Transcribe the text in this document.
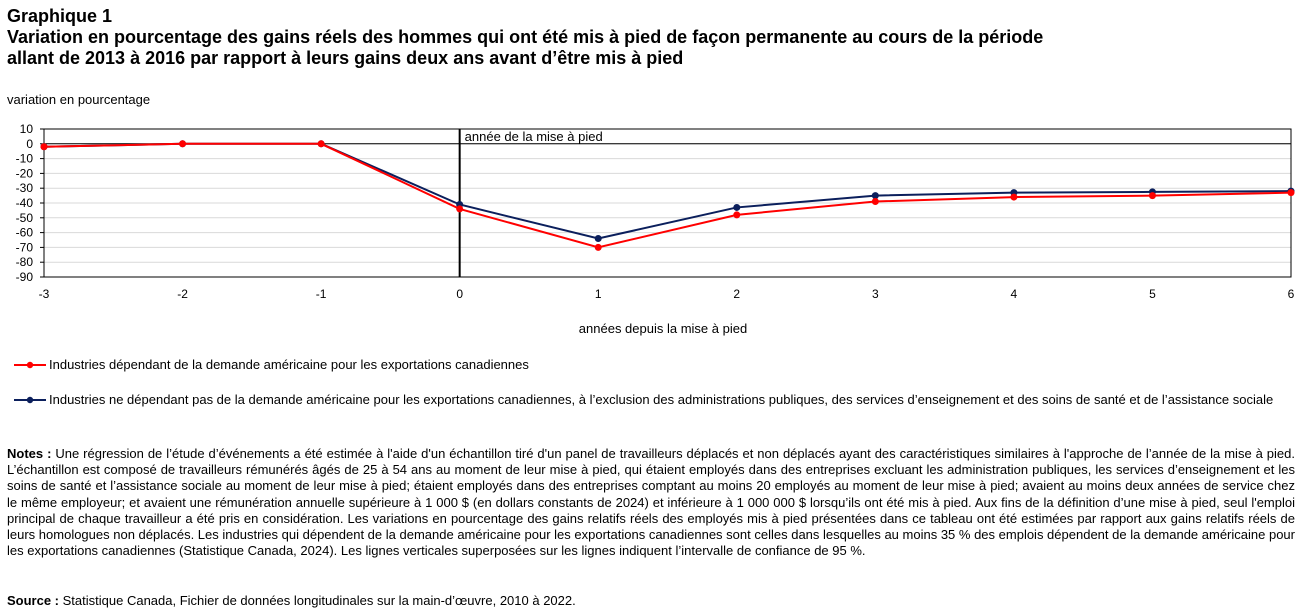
Graphique 1
Variation en pourcentage des gains réels des hommes qui ont été mis à pied de façon permanente au cours de la période
allant de 2013 à 2016 par rapport à leurs gains deux ans avant d’être mis à pied
variation en pourcentage
10
0
-10
-20
-30
-40
-50
-60
-70
-80
-90
-3	-2	-1	0	1	2	3	4	5	6
année de la mise à pied
années depuis la mise à pied
Industries dépendant de la demande américaine pour les exportations canadiennes
Industries ne dépendant pas de la demande américaine pour les exportations canadiennes, à l’exclusion des administrations publiques, des services d’enseignement et des soins de santé et de l’assistance sociale
Notes : Une régression de l’étude d’événements a été estimée à l'aide d'un échantillon tiré d'un panel de travailleurs déplacés et non déplacés ayant des caractéristiques similaires à l'approche de l’année de la mise à pied. L’échantillon est composé de travailleurs rémunérés âgés de 25 à 54 ans au moment de leur mise à pied, qui étaient employés dans des entreprises excluant les administration publiques, les services d’enseignement et les soins de santé et l’assistance sociale au moment de leur mise à pied; étaient employés dans des entreprises comptant au moins 20 employés au moment de leur mise à pied; avaient au moins deux années de service chez le même employeur; et avaient une rémunération annuelle supérieure à 1 000 $ (en dollars constants de 2024) et inférieure à 1 000 000 $ lorsqu’ils ont été mis à pied. Aux fins de la définition d’une mise à pied, seul l'emploi principal de chaque travailleur a été pris en considération. Les variations en pourcentage des gains relatifs réels des employés mis à pied présentées dans ce tableau ont été estimées par rapport aux gains relatifs réels de leurs homologues non déplacés. Les industries qui dépendent de la demande américaine pour les exportations canadiennes sont celles dans lesquelles au moins 35 % des emplois dépendent de la demande américaine pour les exportations canadiennes (Statistique Canada, 2024). Les lignes verticales superposées sur les lignes indiquent l’intervalle de confiance de 95 %.
Source : Statistique Canada, Fichier de données longitudinales sur la main-d’œuvre, 2010 à 2022.
